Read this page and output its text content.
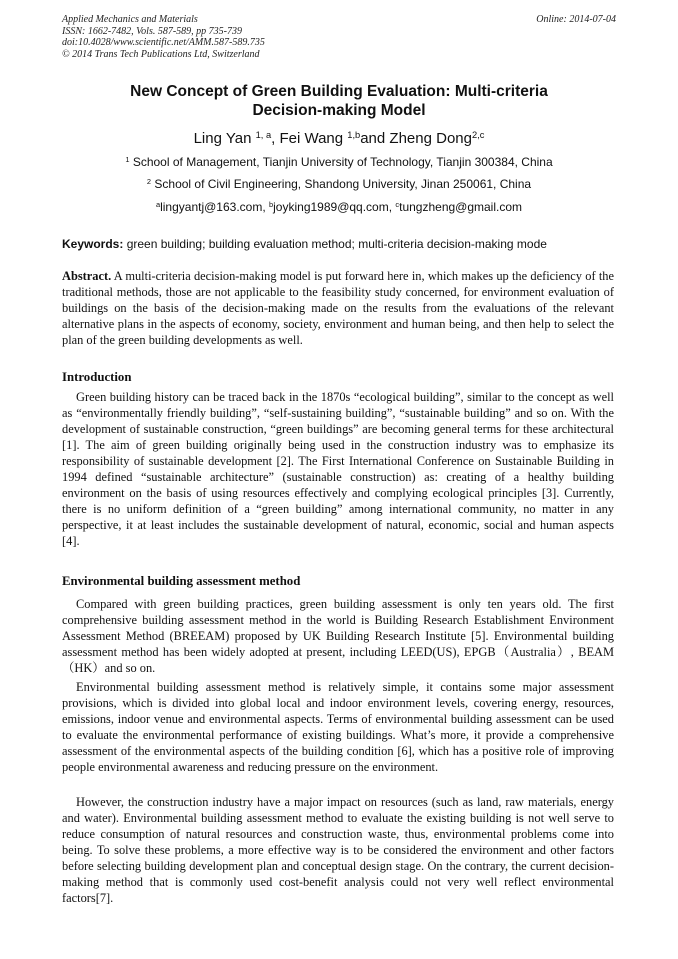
Applied Mechanics and Materials
ISSN: 1662-7482, Vols. 587-589, pp 735-739
doi:10.4028/www.scientific.net/AMM.587-589.735
© 2014 Trans Tech Publications Ltd, Switzerland
Online: 2014-07-04
New Concept of Green Building Evaluation: Multi-criteria
Decision-making Model
Ling Yan $^{1, a}$, Fei Wang $^{1,b}$and Zheng Dong$^{2,c}$
$^1$ School of Management, Tianjin University of Technology, Tianjin 300384, China
$^2$ School of Civil Engineering, Shandong University, Jinan 250061, China
$^a$lingyantj@163.com, $^b$joyking1989@qq.com, $^c$tungzheng@gmail.com
Keywords: green building; building evaluation method; multi-criteria decision-making mode

Abstract. A multi-criteria decision-making model is put forward here in, which makes up the deficiency of the traditional methods, those are not applicable to the feasibility study concerned, for environment evaluation of buildings on the basis of the decision-making made on the results from the evaluations of the relevant alternative plans in the aspects of economy, society, environment and human being, and then help to select the plan of the green building developments as well.

Introduction

Green building history can be traced back in the 1870s “ecological building”, similar to the concept as well as “environmentally friendly building”, “self-sustaining building”, “sustainable building” and so on. With the development of sustainable construction, “green buildings” are becoming general terms for these architectural [1]. The aim of green building originally being used in the construction industry was to emphasize its responsibility of sustainable development [2]. The First International Conference on Sustainable Building in 1994 defined “sustainable architecture” (sustainable construction) as: creating of a healthy building environment on the basis of using resources effectively and complying ecological principles [3]. Currently, there is no uniform definition of a “green building” among international community, no matter in any perspective, it at least includes the sustainable development of natural, economic, social and human aspects [4].

Environmental building assessment method

Compared with green building practices, green building assessment is only ten years old. The first comprehensive building assessment method in the world is Building Research Establishment Environment Assessment Method (BREEAM) proposed by UK Building Research Institute [5]. Environmental building assessment method has been widely adopted at present, including LEED(US), EPGB（Australia）, BEAM（HK）and so on.

Environmental building assessment method is relatively simple, it contains some major assessment provisions, which is divided into global local and indoor environment levels, covering energy, resources, emissions, indoor venue and environmental aspects. Terms of environmental building assessment can be used to evaluate the environmental performance of existing buildings. What’s more, it provide a comprehensive assessment of the environmental aspects of the building condition [6], which has a positive role of improving people environmental awareness and reducing pressure on the environment.

However, the construction industry have a major impact on resources (such as land, raw materials, energy and water). Environmental building assessment method to evaluate the existing building is not well serve to reduce consumption of natural resources and construction waste, thus, environmental problems come into being. To solve these problems, a more effective way is to be considered the environment and other factors before selecting building development plan and conceptual design stage. On the contrary, the current decision-making method that is commonly used cost-benefit analysis could not very well reflect environmental factors[7].
